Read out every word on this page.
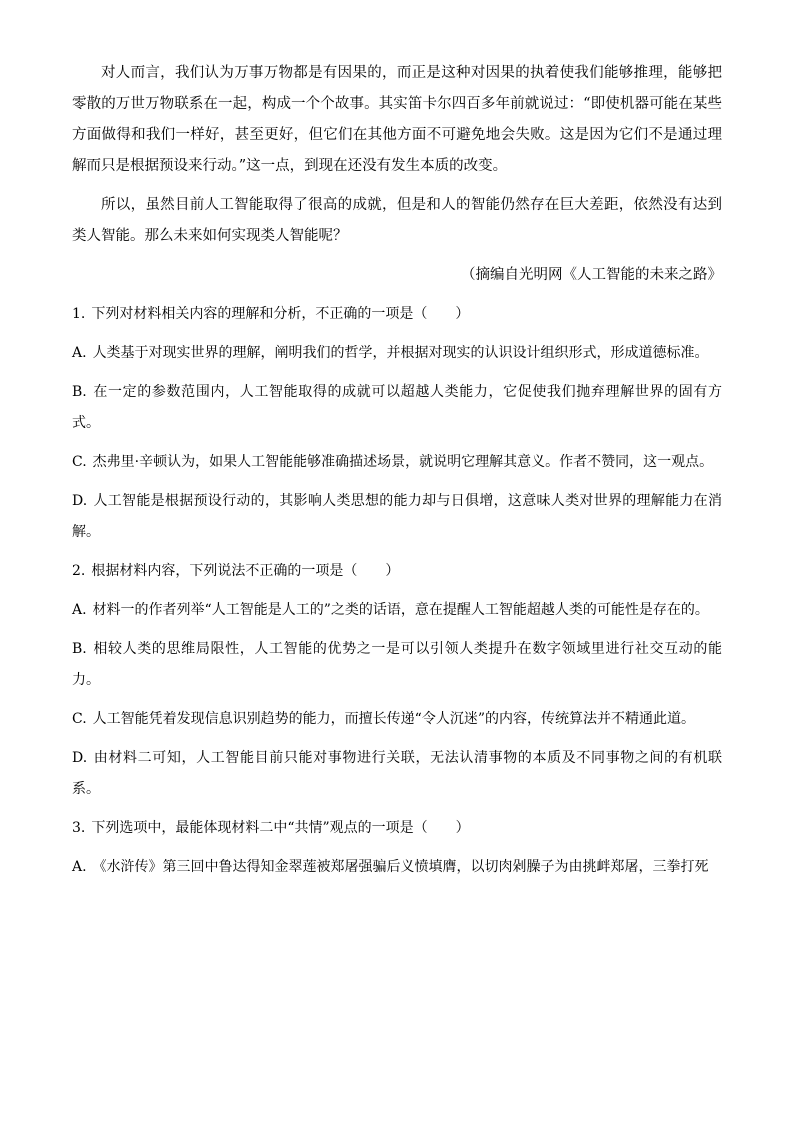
对人而言，我们认为万事万物都是有因果的，而正是这种对因果的执着使我们能够推理，能够把零散的万世万物联系在一起，构成一个个故事。其实笛卡尔四百多年前就说过：“即使机器可能在某些方面做得和我们一样好，甚至更好，但它们在其他方面不可避免地会失败。这是因为它们不是通过理解而只是根据预设来行动。”这一点，到现在还没有发生本质的改变。

所以，虽然目前人工智能取得了很高的成就，但是和人的智能仍然存在巨大差距，依然没有达到类人智能。那么未来如何实现类人智能呢？

（摘编自光明网《人工智能的未来之路》

1. 下列对材料相关内容的理解和分析，不正确的一项是（　　）

A. 人类基于对现实世界的理解，阐明我们的哲学，并根据对现实的认识设计组织形式，形成道德标准。

B. 在一定的参数范围内，人工智能取得的成就可以超越人类能力，它促使我们抛弃理解世界的固有方式。

C. 杰弗里·辛顿认为，如果人工智能能够准确描述场景，就说明它理解其意义。作者不赞同，这一观点。

D. 人工智能是根据预设行动的，其影响人类思想的能力却与日俱增，这意味人类对世界的理解能力在消解。

2. 根据材料内容，下列说法不正确的一项是（　　）

A. 材料一的作者列举“人工智能是人工的”之类的话语，意在提醒人工智能超越人类的可能性是存在的。

B. 相较人类的思维局限性，人工智能的优势之一是可以引领人类提升在数字领域里进行社交互动的能力。

C. 人工智能凭着发现信息识别趋势的能力，而擅长传递“令人沉迷”的内容，传统算法并不精通此道。

D. 由材料二可知，人工智能目前只能对事物进行关联，无法认清事物的本质及不同事物之间的有机联系。

3. 下列选项中，最能体现材料二中“共情”观点的一项是（　　）

A. 《水浒传》第三回中鲁达得知金翠莲被郑屠强骗后义愤填膺，以切肉剁臊子为由挑衅郑屠，三拳打死
